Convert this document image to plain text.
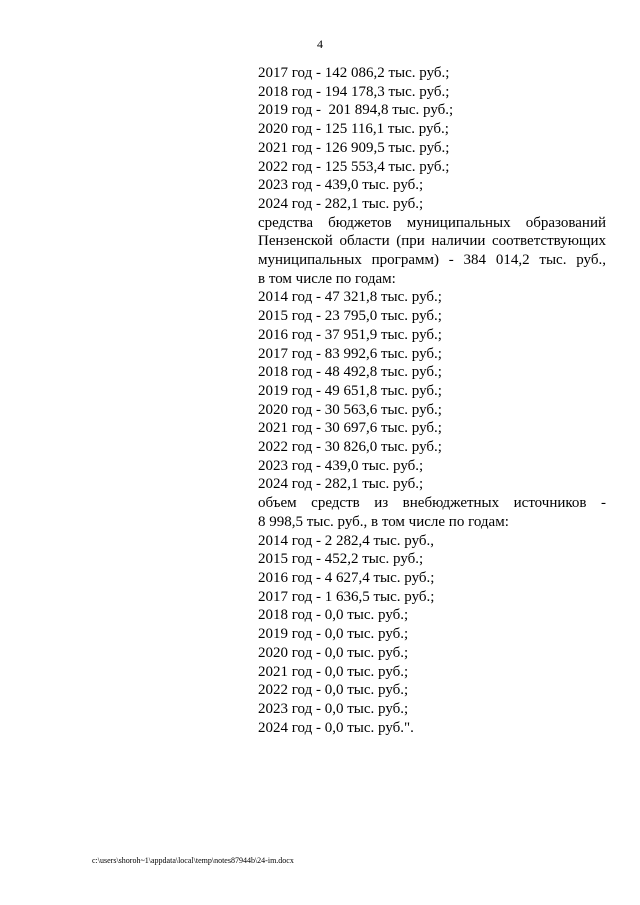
4
2017 год - 142 086,2 тыс. руб.;
2018 год - 194 178,3 тыс. руб.;
2019 год -  201 894,8 тыс. руб.;
2020 год - 125 116,1 тыс. руб.;
2021 год - 126 909,5 тыс. руб.;
2022 год - 125 553,4 тыс. руб.;
2023 год - 439,0 тыс. руб.;
2024 год - 282,1 тыс. руб.;
средства бюджетов муниципальных образований
Пензенской области (при наличии соответствующих
муниципальных программ) - 384 014,2 тыс. руб.,
в том числе по годам:
2014 год - 47 321,8 тыс. руб.;
2015 год - 23 795,0 тыс. руб.;
2016 год - 37 951,9 тыс. руб.;
2017 год - 83 992,6 тыс. руб.;
2018 год - 48 492,8 тыс. руб.;
2019 год - 49 651,8 тыс. руб.;
2020 год - 30 563,6 тыс. руб.;
2021 год - 30 697,6 тыс. руб.;
2022 год - 30 826,0 тыс. руб.;
2023 год - 439,0 тыс. руб.;
2024 год - 282,1 тыс. руб.;
объем средств из внебюджетных источников -
8 998,5 тыс. руб., в том числе по годам:
2014 год - 2 282,4 тыс. руб.,
2015 год - 452,2 тыс. руб.;
2016 год - 4 627,4 тыс. руб.;
2017 год - 1 636,5 тыс. руб.;
2018 год - 0,0 тыс. руб.;
2019 год - 0,0 тыс. руб.;
2020 год - 0,0 тыс. руб.;
2021 год - 0,0 тыс. руб.;
2022 год - 0,0 тыс. руб.;
2023 год - 0,0 тыс. руб.;
2024 год - 0,0 тыс. руб.".
c:\users\shoroh~1\appdata\local\temp\notes87944b\24-im.docx
